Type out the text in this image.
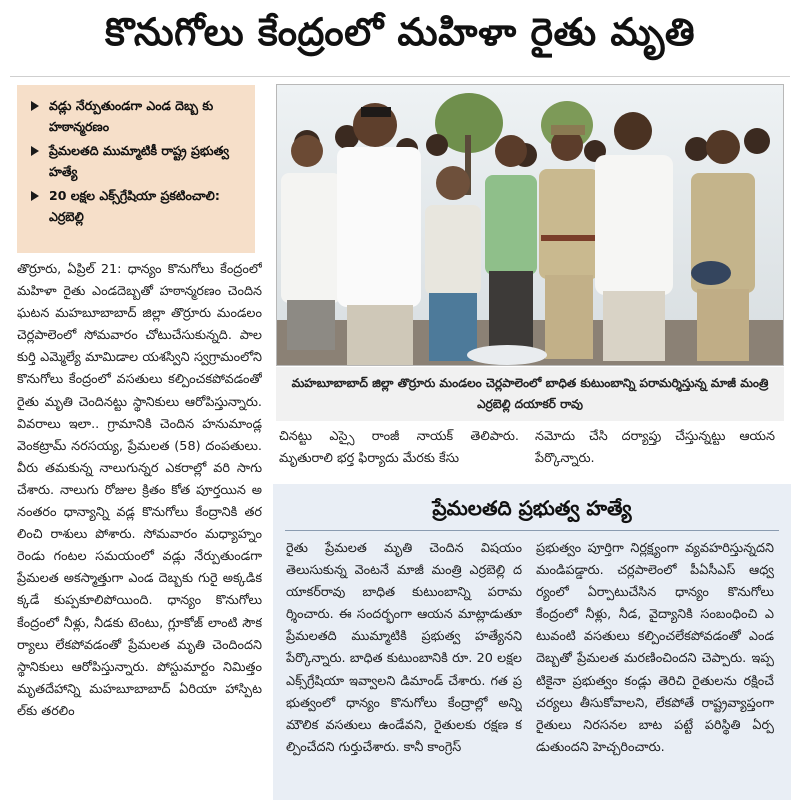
కొనుగోలు కేంద్రంలో మహిళా రైతు మృతి
వడ్లు నేర్పుతుండగా ఎండ దెబ్బ కు హఠాన్మరణం
ప్రేమలతది ముమ్మాటికీ రాష్ట్ర ప్రభుత్వ హత్యే
20 లక్షల ఎక్స్‌గ్రేషియా ప్రకటించాలి: ఎర్రబెల్లి
మహబూబాబాద్ జిల్లా తొర్రూరు మండలం చెర్లపాలెంలో బాధిత కుటుంబాన్ని పరామర్శిస్తున్న మాజీ మంత్రి ఎర్రబెల్లి దయాకర్ రావు
తొర్రూరు, ఏప్రిల్ 21: ధాన్యం కొనుగోలు కేంద్రంలో మహిళా రైతు ఎండదెబ్బతో హఠాన్మరణం చెందిన ఘటన మహబూబాబాద్ జిల్లా తొర్రూరు మండలం చెర్లపాలెంలో సోమవారం చోటుచేసుకున్నది. పాలకుర్తి ఎమ్మెల్యే మామిడాల యశస్విని స్వగ్రామంలోని కొనుగోలు కేంద్రంలో వసతులు కల్పించకపోవడంతో రైతు మృతి చెందినట్టు స్థానికులు ఆరోపిస్తున్నారు. వివరాలు ఇలా.. గ్రామానికి చెందిన హనుమాండ్ల వెంకట్రామ్ నరసయ్య, ప్రేమలత (58) దంపతులు. వీరు తమకున్న నాలుగున్నర ఎకరాల్లో వరి సాగు చేశారు. నాలుగు రోజుల క్రితం కోత పూర్తయిన అనంతరం ధాన్యాన్ని వడ్ల కొనుగోలు కేంద్రానికి తరలించి రాశులు పోశారు. సోమవారం మధ్యాహ్నం రెండు గంటల సమయంలో వడ్లు నేర్పుతుండగా ప్రేమలత అకస్మాత్తుగా ఎండ దెబ్బకు గురై అక్కడికక్కడే కుప్పకూలిపోయింది. ధాన్యం కొనుగోలు కేంద్రంలో నీళ్లు, నీడకు టెంటు, గ్లూకోజ్ లాంటి సౌకర్యాలు లేకపోవడంతో ప్రేమలత మృతి చెందిందని స్థానికులు ఆరోపిస్తున్నారు. పోస్టుమార్టం నిమిత్తం మృతదేహాన్ని మహబూబాబాద్ ఏరియా హాస్పిటల్‌కు తరలిం
చినట్టు ఎస్సై రాంజీ నాయక్ తెలిపారు. మృతురాలి భర్త ఫిర్యాదు మేరకు కేసు
నమోదు చేసి దర్యాప్తు చేస్తున్నట్టు ఆయన పేర్కొన్నారు.
ప్రేమలతది ప్రభుత్వ హత్యే
రైతు ప్రేమలత మృతి చెందిన విషయం తెలుసుకున్న వెంటనే మాజీ మంత్రి ఎర్రబెల్లి దయాకర్‌రావు బాధిత కుటుంబాన్ని పరామర్శించారు. ఈ సందర్భంగా ఆయన మాట్లాడుతూ ప్రేమలతది ముమ్మాటికి ప్రభుత్వ హత్యేనని పేర్కొన్నారు. బాధిత కుటుంబానికి రూ. 20 లక్షల ఎక్స్‌గ్రేషియా ఇవ్వాలని డిమాండ్ చేశారు. గత ప్రభుత్వంలో ధాన్యం కొనుగోలు కేంద్రాల్లో అన్ని మౌలిక వసతులు ఉండేవని, రైతులకు రక్షణ కల్పించేదని గుర్తుచేశారు. కానీ కాంగ్రెస్
ప్రభుత్వం పూర్తిగా నిర్లక్ష్యంగా వ్యవహరిస్తున్నదని మండిపడ్డారు. చర్లపాలెంలో పీఏసీఎస్ ఆధ్వర్యంలో ఏర్పాటుచేసిన ధాన్యం కొనుగోలు కేంద్రంలో నీళ్లు, నీడ, వైద్యానికి సంబంధించి ఎటువంటి వసతులు కల్పించలేకపోవడంతో ఎండదెబ్బతో ప్రేమలత మరణించిందని చెప్పారు. ఇప్పటికైనా ప్రభుత్వం కండ్లు తెరిచి రైతులను రక్షించే చర్యలు తీసుకోవాలని, లేకపోతే రాష్ట్రవ్యాప్తంగా రైతులు నిరసనల బాట పట్టే పరిస్థితి ఏర్పడుతుందని హెచ్చరించారు.
